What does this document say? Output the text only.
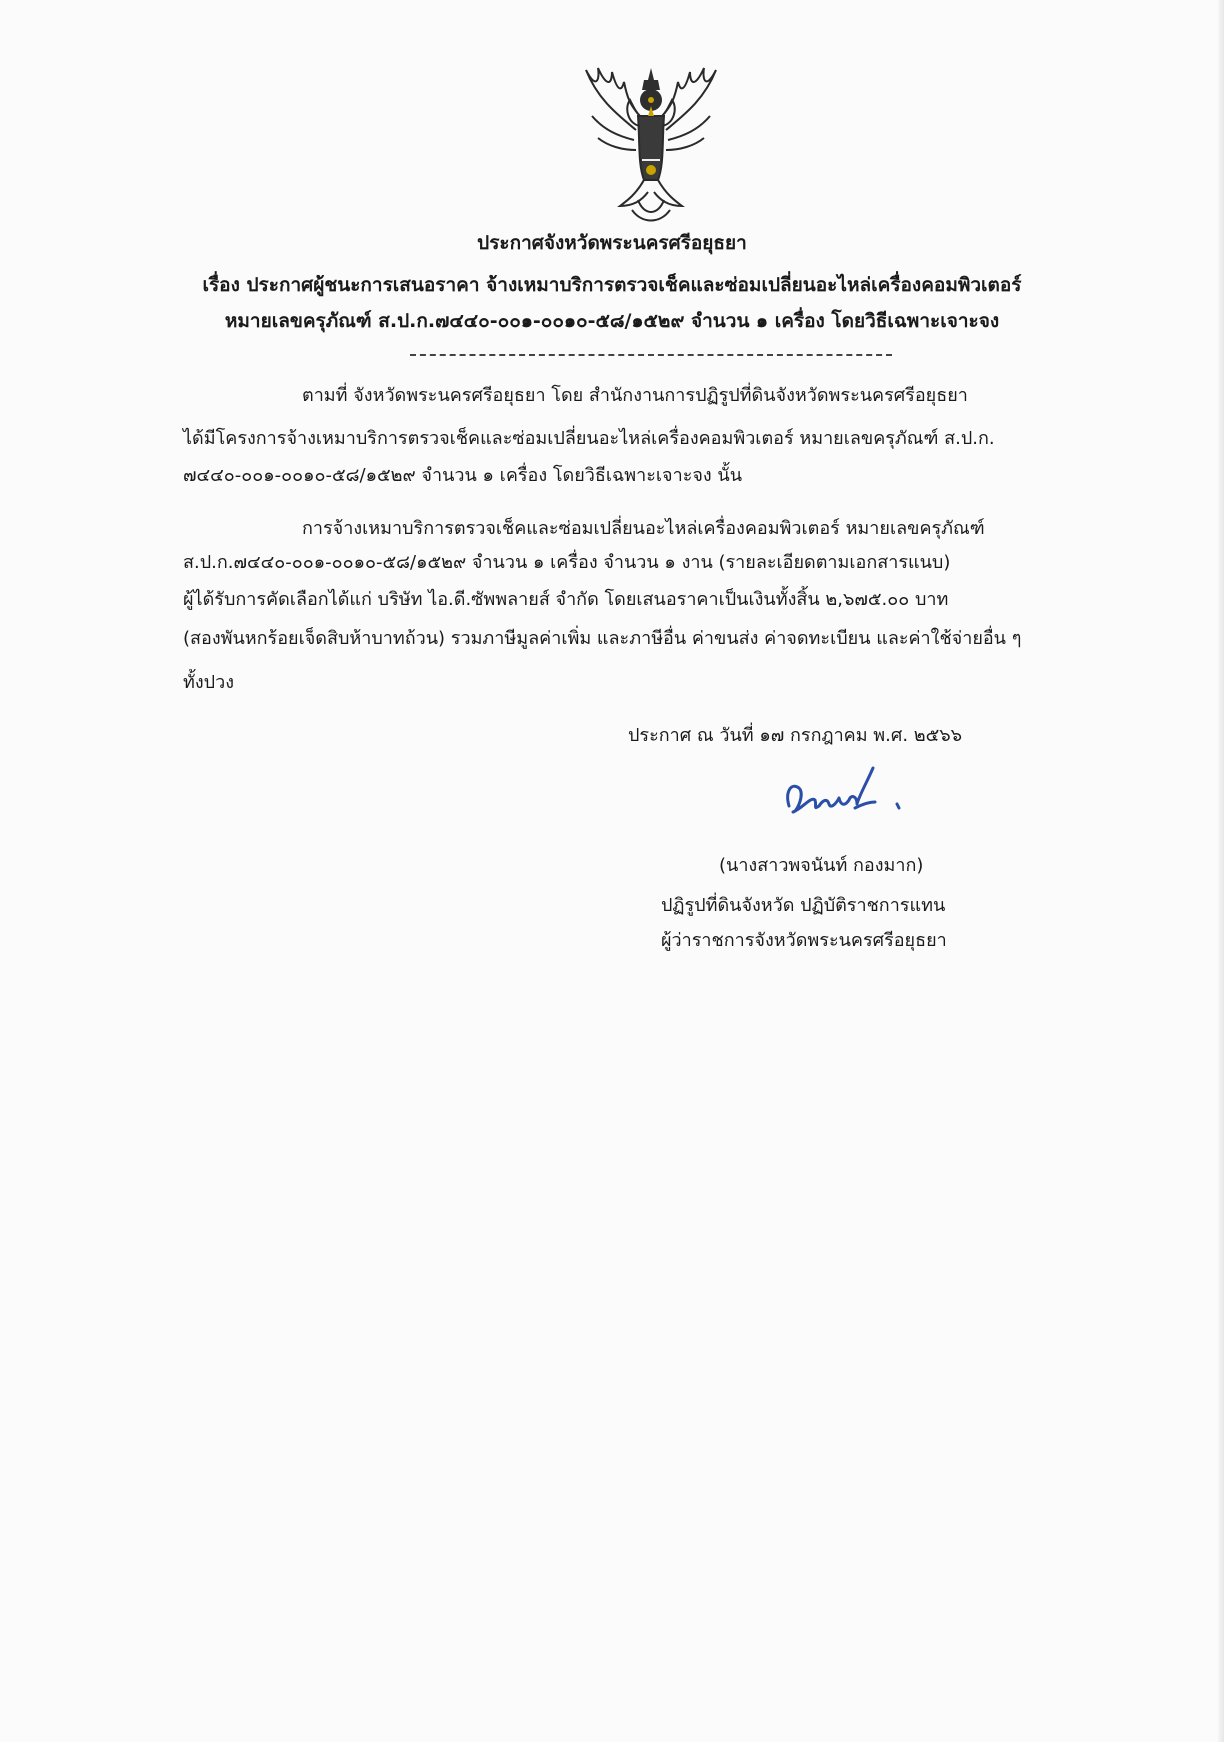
ประกาศจังหวัดพระนครศรีอยุธยา
เรื่อง ประกาศผู้ชนะการเสนอราคา จ้างเหมาบริการตรวจเช็คและซ่อมเปลี่ยนอะไหล่เครื่องคอมพิวเตอร์
หมายเลขครุภัณฑ์ ส.ป.ก.๗๔๔๐-๐๐๑-๐๐๑๐-๕๘/๑๕๒๙ จำนวน ๑ เครื่อง โดยวิธีเฉพาะเจาะจง
ตามที่ จังหวัดพระนครศรีอยุธยา โดย สำนักงานการปฏิรูปที่ดินจังหวัดพระนครศรีอยุธยา
ได้มีโครงการจ้างเหมาบริการตรวจเช็คและซ่อมเปลี่ยนอะไหล่เครื่องคอมพิวเตอร์ หมายเลขครุภัณฑ์ ส.ป.ก.
๗๔๔๐-๐๐๑-๐๐๑๐-๕๘/๑๕๒๙ จำนวน ๑ เครื่อง โดยวิธีเฉพาะเจาะจง นั้น
การจ้างเหมาบริการตรวจเช็คและซ่อมเปลี่ยนอะไหล่เครื่องคอมพิวเตอร์ หมายเลขครุภัณฑ์
ส.ป.ก.๗๔๔๐-๐๐๑-๐๐๑๐-๕๘/๑๕๒๙ จำนวน ๑ เครื่อง จำนวน ๑ งาน (รายละเอียดตามเอกสารแนบ)
ผู้ได้รับการคัดเลือกได้แก่ บริษัท ไอ.ดี.ซัพพลายส์ จำกัด โดยเสนอราคาเป็นเงินทั้งสิ้น ๒,๖๗๕.๐๐ บาท
(สองพันหกร้อยเจ็ดสิบห้าบาทถ้วน) รวมภาษีมูลค่าเพิ่ม และภาษีอื่น ค่าขนส่ง ค่าจดทะเบียน และค่าใช้จ่ายอื่น ๆ
ทั้งปวง
ประกาศ ณ วันที่ ๑๗ กรกฎาคม พ.ศ. ๒๕๖๖
(นางสาวพจนันท์ กองมาก)
ปฏิรูปที่ดินจังหวัด ปฏิบัติราชการแทน
ผู้ว่าราชการจังหวัดพระนครศรีอยุธยา
